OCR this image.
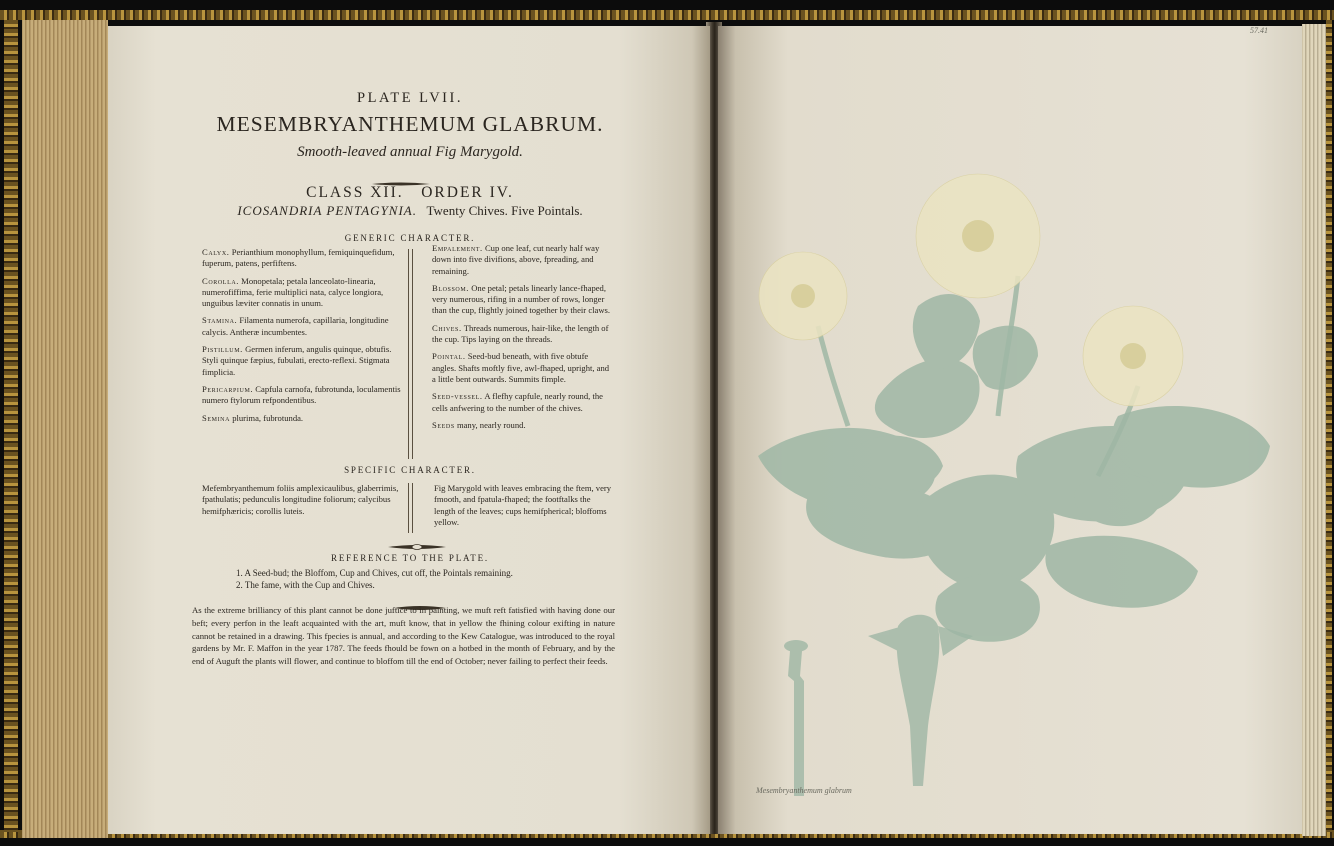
PLATE LVII.
MESEMBRYANTHEMUM GLABRUM.
Smooth-leaved annual Fig Marygold.
CLASS XII.   ORDER IV.
ICOSANDRIA PENTAGYNIA. Twenty Chives. Five Pointals.
GENERIC CHARACTER.
Calyx. Perianthium monophyllum, femiquinquefidum, fuperum, patens, perfiftens.
Corolla. Monopetala; petala lanceolato-linearia, numerofiffima, ferie multiplici nata, calyce longiora, unguibus læviter connatis in unum.
Stamina. Filamenta numerofa, capillaria, longitudine calycis. Antheræ incumbentes.
Pistillum. Germen inferum, angulis quinque, obtufis. Styli quinque fæpius, fubulati, erecto-reflexi. Stigmata fimplicia.
Pericarpium. Capfula carnofa, fubrotunda, loculamentis numero ftylorum refpondentibus.
Semina plurima, fubrotunda.
Empalement. Cup one leaf, cut nearly half way down into five divifions, above, fpreading, and remaining.
Blossom. One petal; petals linearly lance-fhaped, very numerous, rifing in a number of rows, longer than the cup, flightly joined together by their claws.
Chives. Threads numerous, hair-like, the length of the cup. Tips laying on the threads.
Pointal. Seed-bud beneath, with five obtufe angles. Shafts moftly five, awl-fhaped, upright, and a little bent outwards. Summits fimple.
Seed-vessel. A flefhy capfule, nearly round, the cells anfwering to the number of the chives.
Seeds many, nearly round.
SPECIFIC CHARACTER.
Mefembryanthemum foliis amplexicaulibus, glaberrimis, fpathulatis; pedunculis longitudine foliorum; calycibus hemifphæricis; corollis luteis.
Fig Marygold with leaves embracing the ftem, very fmooth, and fpatula-fhaped; the footftalks the length of the leaves; cups hemifpherical; bloffoms yellow.
REFERENCE TO THE PLATE.
1. A Seed-bud; the Bloffom, Cup and Chives, cut off, the Pointals remaining.
2. The fame, with the Cup and Chives.
As the extreme brilliancy of this plant cannot be done juftice to in painting, we muft reft fatisfied with having done our beft; every perfon in the leaft acquainted with the art, muft know, that in yellow the fhining colour exifting in nature cannot be retained in a drawing. This fpecies is annual, and according to the Kew Catalogue, was introduced to the royal gardens by Mr. F. Maffon in the year 1787. The feeds fhould be fown on a hotbed in the month of February, and by the end of Auguft the plants will flower, and continue to bloffom till the end of October; never failing to perfect their feeds.
57.41
Mesembryanthemum glabrum
